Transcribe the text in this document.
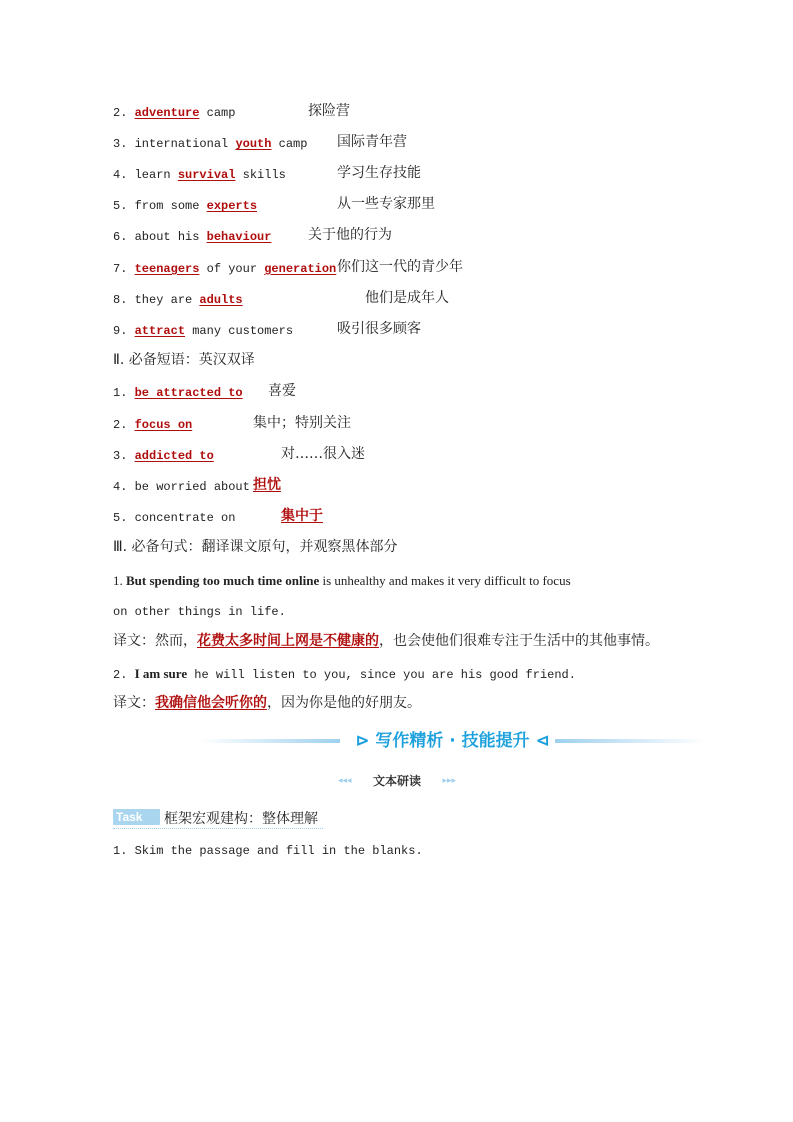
2. adventure camp	探险营
3. international youth camp 国际青年营
4. learn survival skills	学习生存技能
5. from some experts	从一些专家那里
6. about his behaviour	关于他的行为
7. teenagers of your generation 你们这一代的青少年
8. they are adults	他们是成年人
9. attract many customers	吸引很多顾客
Ⅱ. 必备短语：英汉双译
1. be attracted to 喜爱
2. focus on	集中；特别关注
3. addicted to	对……很入迷
4. be worried about 担忧
5. concentrate on	集中于
Ⅲ. 必备句式：翻译课文原句，并观察黑体部分
1. But spending too much time online is unhealthy and makes it very difficult to focus
on other things in life.
译文：然而，花费太多时间上网是不健康的，也会使他们很难专注于生活中的其他事情。
2. I am sure he will listen to you, since you are his good friend.
译文：我确信他会听你的，因为你是他的好朋友。
⊳ 写作精析 · 技能提升 ⊲
◂◂◂	文本研读	▸▸▸
Task	框架宏观建构：整体理解
1. Skim the passage and fill in the blanks.
